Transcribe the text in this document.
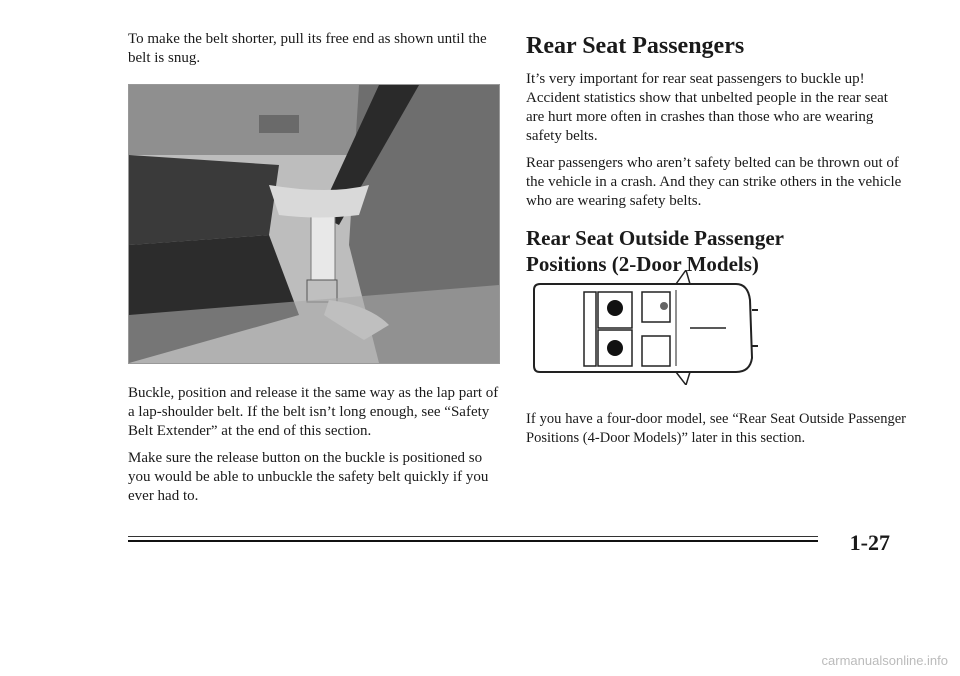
To make the belt shorter, pull its free end as shown until the belt is snug.

Buckle, position and release it the same way as the lap part of a lap-shoulder belt. If the belt isn’t long enough, see “Safety Belt Extender” at the end of this section.

Make sure the release button on the buckle is positioned so you would be able to unbuckle the safety belt quickly if you ever had to.

Rear Seat Passengers

It’s very important for rear seat passengers to buckle up! Accident statistics show that unbelted people in the rear seat are hurt more often in crashes than those who are wearing safety belts.

Rear passengers who aren’t safety belted can be thrown out of the vehicle in a crash. And they can strike others in the vehicle who are wearing safety belts.

Rear Seat Outside Passenger Positions (2-Door Models)

If you have a four-door model, see “Rear Seat Outside Passenger Positions (4-Door Models)” later in this section.

1-27
carmanualsonline.info
